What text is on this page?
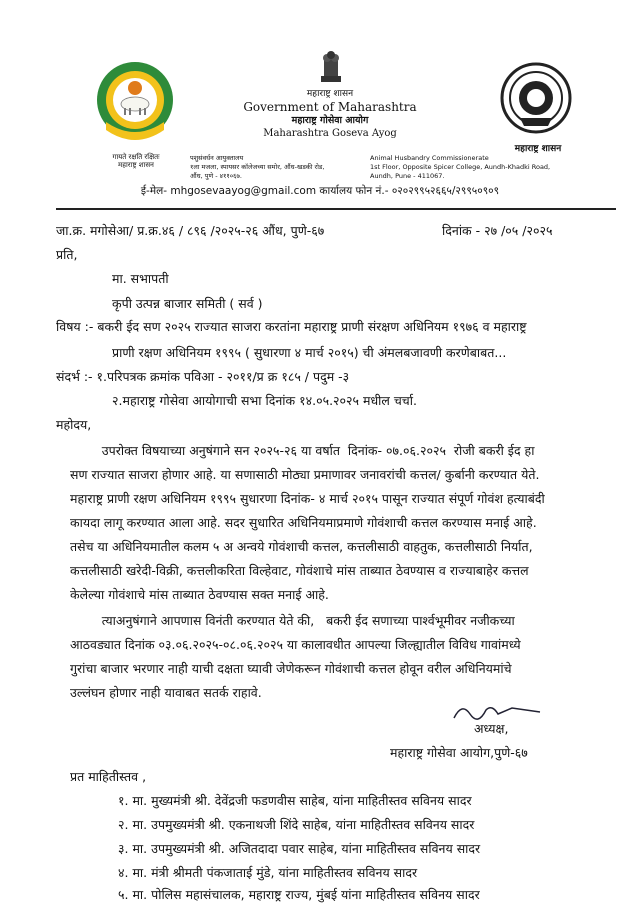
गायते रक्षति रक्षितः
महाराष्ट्र शासन
महाराष्ट्र शासन
Government of Maharashtra
महाराष्ट्र गोसेवा आयोग
Maharashtra Goseva Ayog
पशुसंवर्धन आयुक्तालय
१ला मजला, स्पायसर कॉलेजच्या समोर, औंध-खडकी रोड,
औंध, पुणे - ४११०६७.
Animal Husbandry Commissionerate
1st Floor, Opposite Spicer College, Aundh-Khadki Road,
Aundh, Pune - 411067.
महाराष्ट्र शासन
ई-मेल- mhgosevaayog@gmail.com कार्यालय फोन नं.- ०२०२९९५२६६५/२९९५०९०९
जा.क्र. मगोसेआ/ प्र.क्र.४६ / ८९६ /२०२५-२६ औंध, पुणे-६७	दिनांक - २७ /०५ /२०२५
प्रति,
मा. सभापती
कृपी उत्पन्न बाजार समिती ( सर्व )
विषय :- बकरी ईद सण २०२५ राज्यात साजरा करतांना महाराष्ट्र प्राणी संरक्षण अधिनियम १९७६ व महाराष्ट्र
प्राणी रक्षण अधिनियम १९९५ ( सुधारणा ४ मार्च २०१५) ची अंमलबजावणी करणेबाबत...
संदर्भ :- १.परिपत्रक क्रमांक पविआ - २०११/प्र क्र १८५ / पदुम -३
२.महाराष्ट्र गोसेवा आयोगाची सभा दिनांक १४.०५.२०२५ मधील चर्चा.
महोदय,
उपरोक्त विषयाच्या अनुषंगाने सन २०२५-२६ या वर्षात  दिनांक- ०७.०६.२०२५  रोजी बकरी ईद हा
सण राज्यात साजरा होणार आहे. या सणासाठी मोठ्या प्रमाणावर जनावरांची कत्तल/ कुर्बानी करण्यात येते.
महाराष्ट्र प्राणी रक्षण अधिनियम १९९५ सुधारणा दिनांक- ४ मार्च २०१५ पासून राज्यात संपूर्ण गोवंश हत्याबंदी
कायदा लागू करण्यात आला आहे. सदर सुधारित अधिनियमाप्रमाणे गोवंशाची कत्तल करण्यास मनाई आहे.
तसेच या अधिनियमातील कलम ५ अ अन्वये गोवंशाची कत्तल, कत्तलीसाठी वाहतुक, कत्तलीसाठी निर्यात,
कत्तलीसाठी खरेदी-विक्री, कत्तलीकरिता विल्हेवाट, गोवंशाचे मांस ताब्यात ठेवण्यास व राज्याबाहेर कत्तल
केलेल्या गोवंशाचे मांस ताब्यात ठेवण्यास सक्त मनाई आहे.
त्याअनुषंगाने आपणास विनंती करण्यात येते की,   बकरी ईद सणाच्या पार्श्वभूमीवर नजीकच्या
आठवड्यात दिनांक ०३.०६.२०२५-०८.०६.२०२५ या कालावधीत आपल्या जिल्ह्यातील विविध गावांमध्ये
गुरांचा बाजार भरणार नाही याची दक्षता घ्यावी जेणेकरून गोवंशाची कत्तल होवून वरील अधिनियमांचे
उल्लंघन होणार नाही यावाबत सतर्क राहावे.
अध्यक्ष,
महाराष्ट्र गोसेवा आयोग,पुणे-६७
प्रत माहितीस्तव ,
१. मा. मुख्यमंत्री श्री. देवेंद्रजी फडणवीस साहेब, यांना माहितीस्तव सविनय सादर
२. मा. उपमुख्यमंत्री श्री. एकनाथजी शिंदे साहेब, यांना माहितीस्तव सविनय सादर
३. मा. उपमुख्यमंत्री श्री. अजितदादा पवार साहेब, यांना माहितीस्तव सविनय सादर
४. मा. मंत्री श्रीमती पंकजाताई मुंडे, यांना माहितीस्तव सविनय सादर
५. मा. पोलिस महासंचालक, महाराष्ट्र राज्य, मुंबई यांना माहितीस्तव सविनय सादर
